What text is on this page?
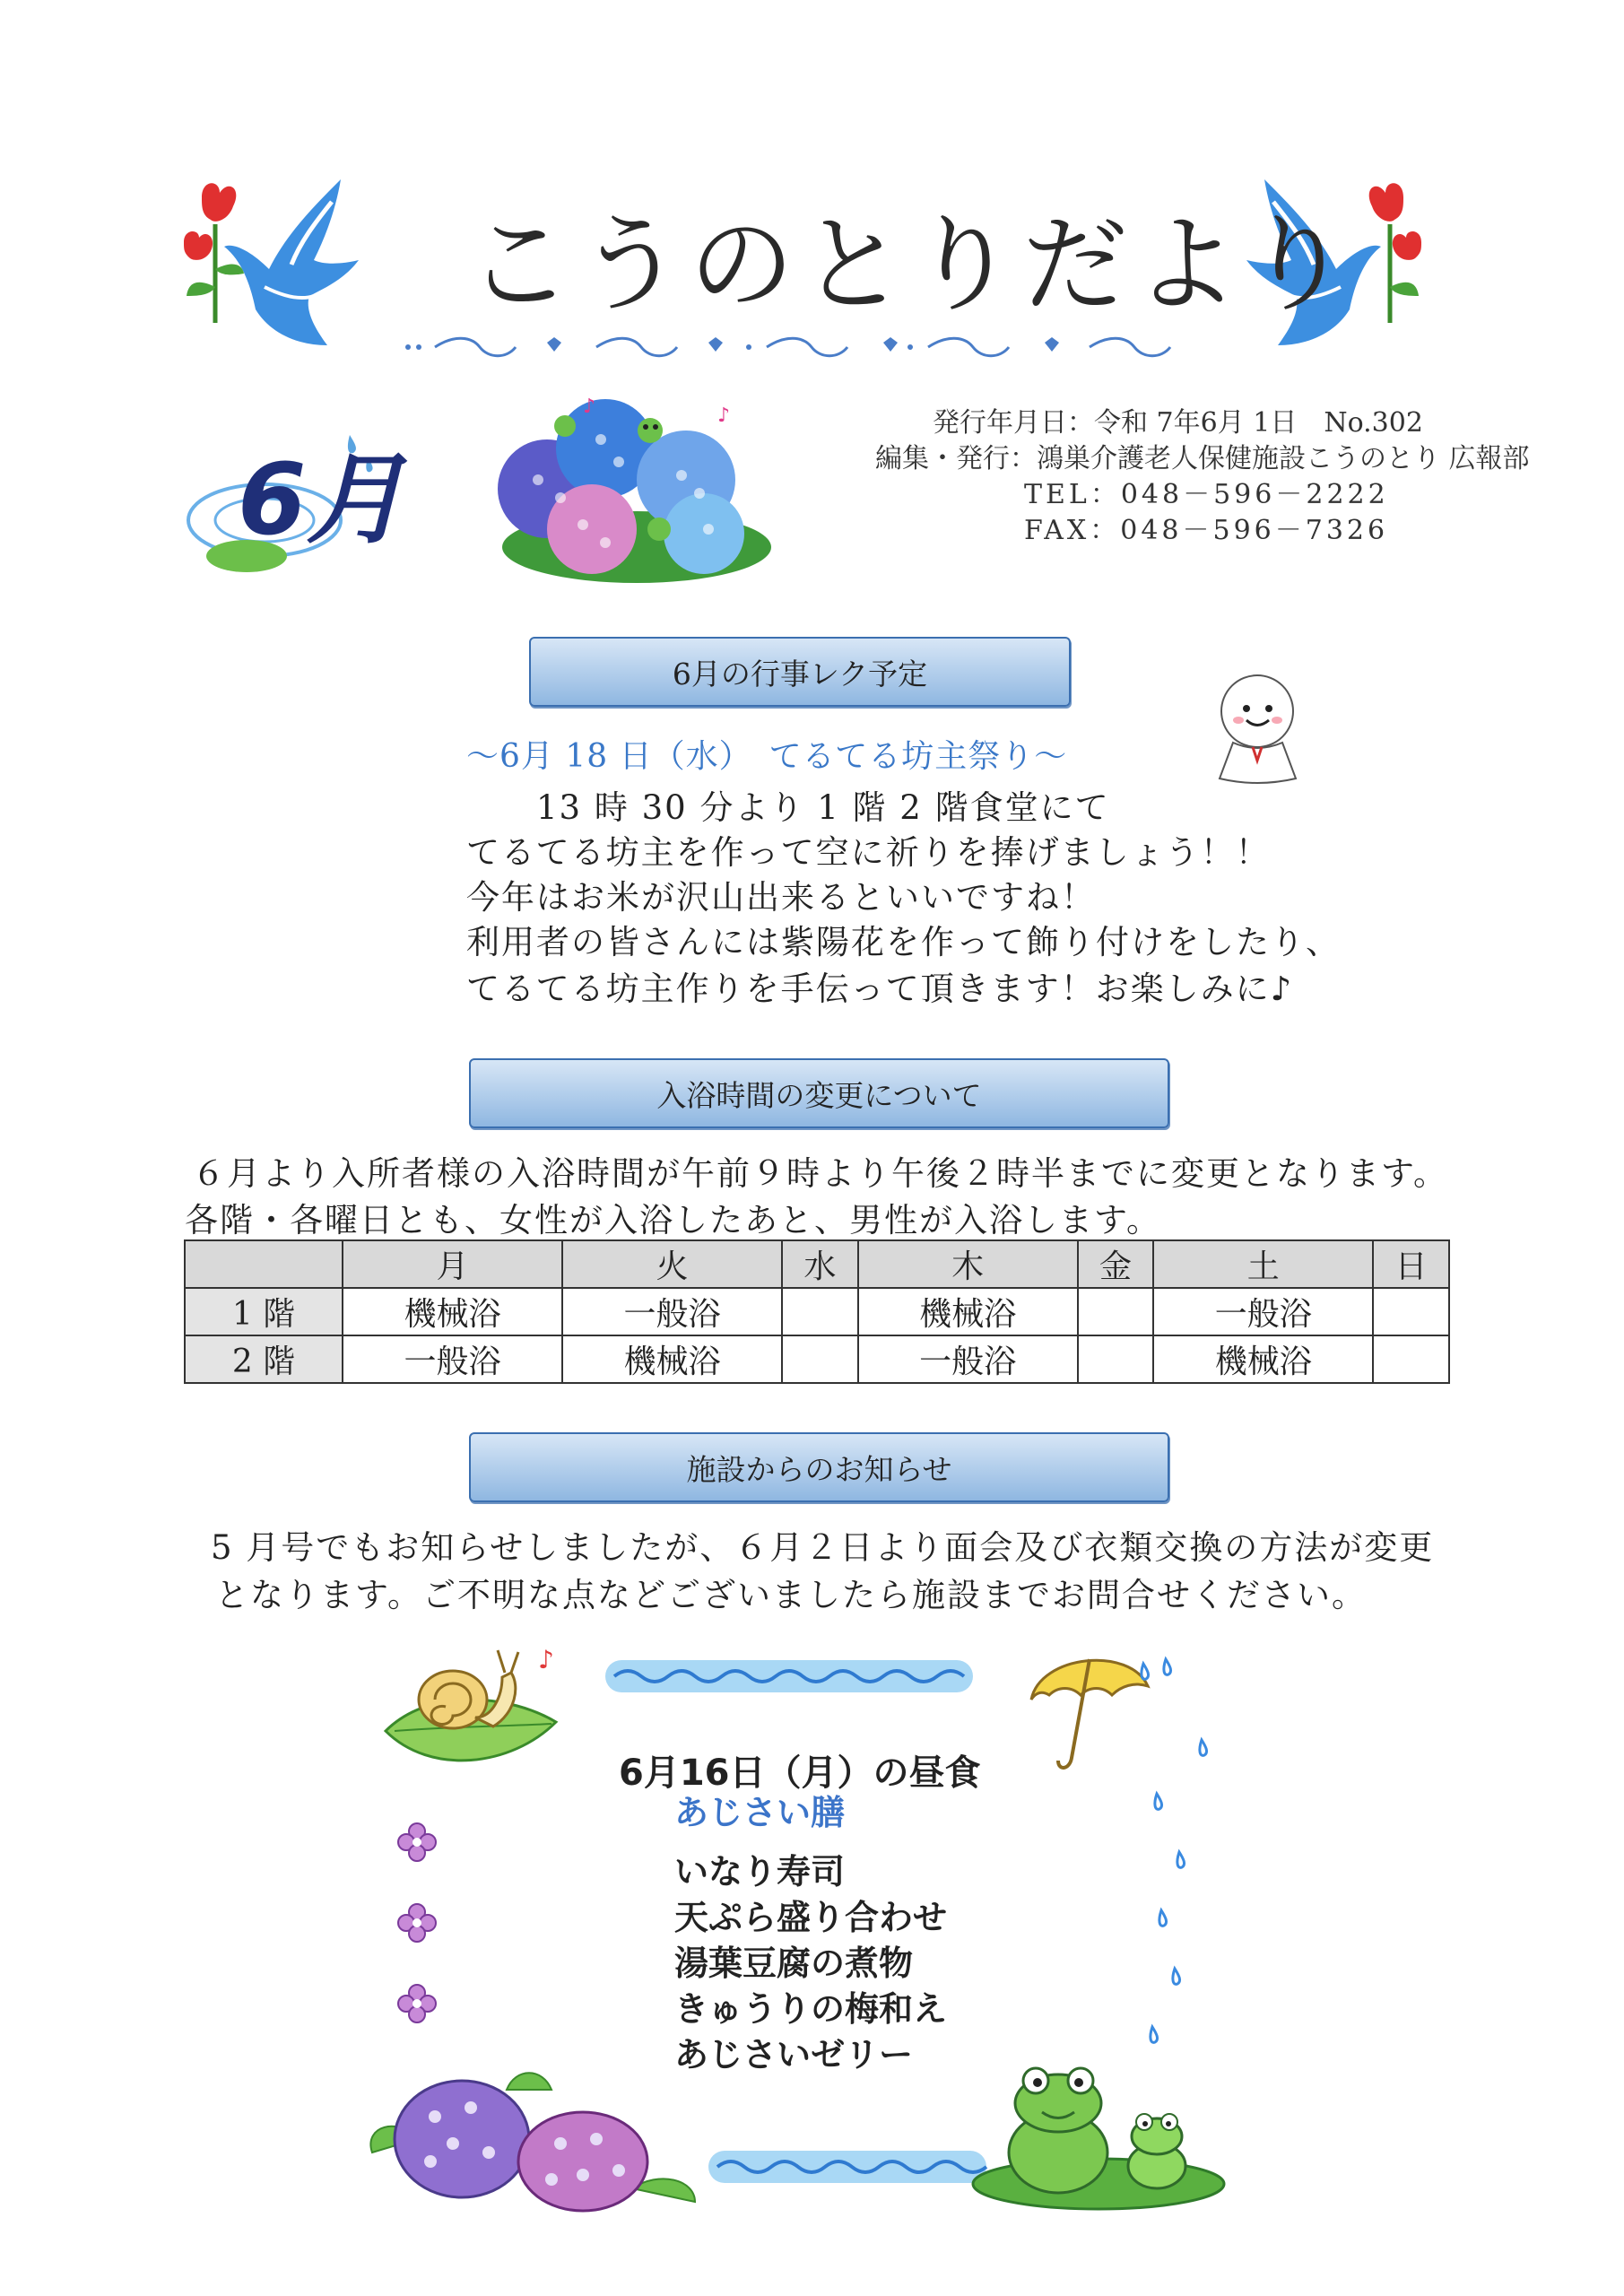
こうのとりだより
6月
♪	♪	発行年月日：令和 7年6月 1日　No.302
編集・発行：鴻巣介護老人保健施設こうのとり 広報部
TEL：048－596－2222
FAX：048－596－7326
6月の行事レク予定
～6月 18 日（水）　てるてる坊主祭り～
13 時 30 分より 1 階 2 階食堂にて
てるてる坊主を作って空に祈りを捧げましょう！！
今年はお米が沢山出来るといいですね！
利用者の皆さんには紫陽花を作って飾り付けをしたり、
てるてる坊主作りを手伝って頂きます！お楽しみに♪
入浴時間の変更について
６月より入所者様の入浴時間が午前９時より午後２時半までに変更となります。
各階・各曜日とも、女性が入浴したあと、男性が入浴します。
	月	火	水	木	金	土	日
1 階	機械浴	一般浴		機械浴		一般浴	
2 階	一般浴	機械浴		一般浴		機械浴	
施設からのお知らせ
5 月号でもお知らせしましたが、６月２日より面会及び衣類交換の方法が変更
となります。ご不明な点などございましたら施設までお問合せください。
♪
6月16日（月）の昼食
あじさい膳
いなり寿司
天ぷら盛り合わせ
湯葉豆腐の煮物
きゅうりの梅和え
あじさいゼリー
